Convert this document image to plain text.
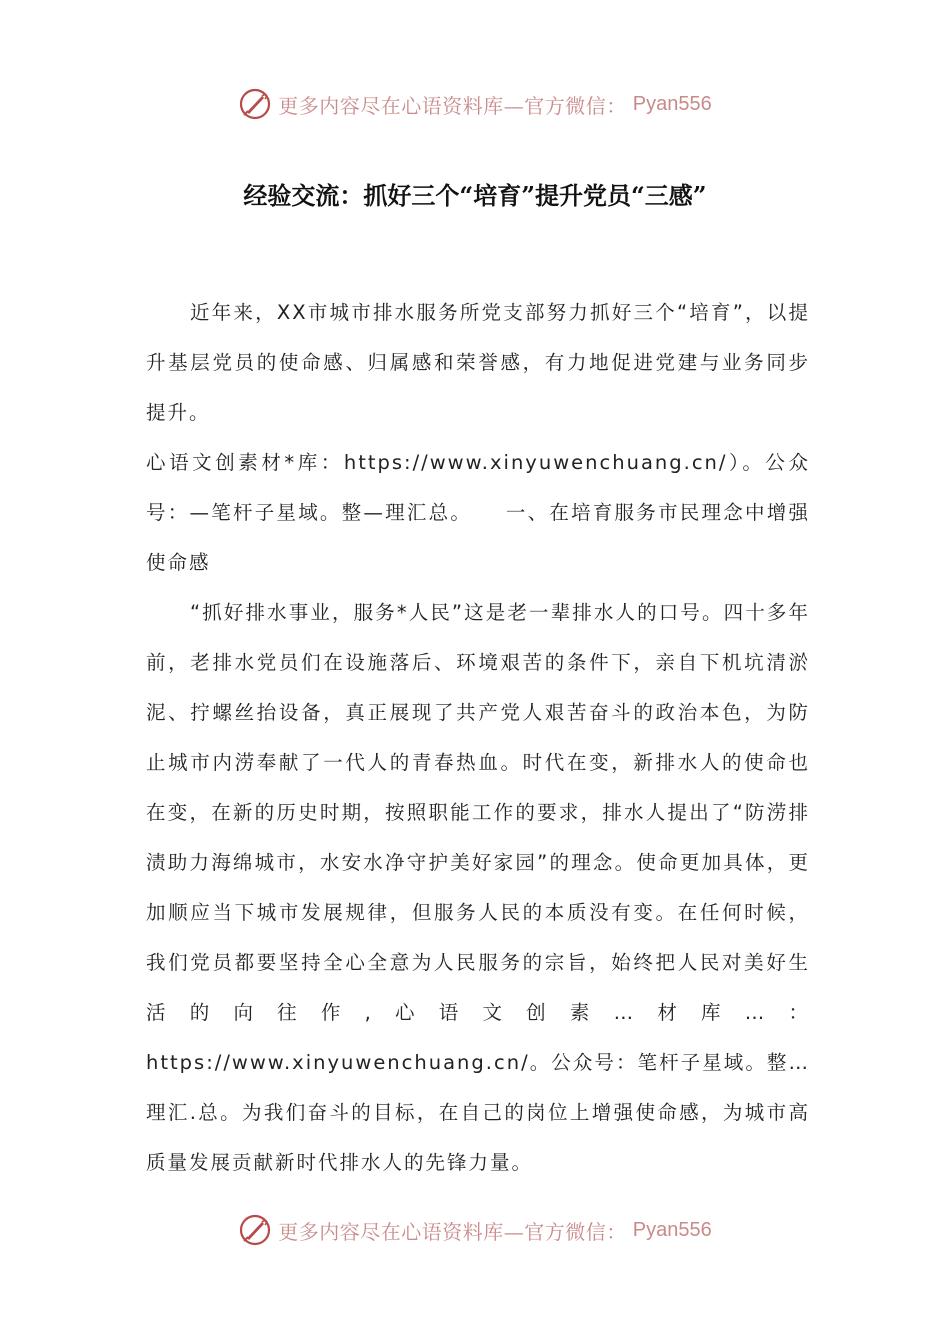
更多内容尽在心语资料库—官方微信： Pyan556
经验交流：抓好三个“培育”提升党员“三感”

近年来，XX市城市排水服务所党支部努力抓好三个“培育”，以提升基层党员的使命感、归属感和荣誉感，有力地促进党建与业务同步提升。

心语文创素材*库：https://www.xinyuwenchuang.cn/）。公众号：—笔杆子星域。整—理汇总。　　一、在培育服务市民理念中增强使命感

“抓好排水事业，服务*人民”这是老一辈排水人的口号。四十多年前，老排水党员们在设施落后、环境艰苦的条件下，亲自下机坑清淤泥、拧螺丝抬设备，真正展现了共产党人艰苦奋斗的政治本色，为防止城市内涝奉献了一代人的青春热血。时代在变，新排水人的使命也在变，在新的历史时期，按照职能工作的要求，排水人提出了“防涝排渍助力海绵城市，水安水净守护美好家园”的理念。使命更加具体，更加顺应当下城市发展规律，但服务人民的本质没有变。在任何时候，我们党员都要坚持全心全意为人民服务的宗旨，始终把人民对美好生活的向往作,心语文创素…材库…：https://www.xinyuwenchuang.cn/。公众号：笔杆子星域。整…理汇.总。为我们奋斗的目标，在自己的岗位上增强使命感，为城市高质量发展贡献新时代排水人的先锋力量。

更多内容尽在心语资料库—官方微信： Pyan556
